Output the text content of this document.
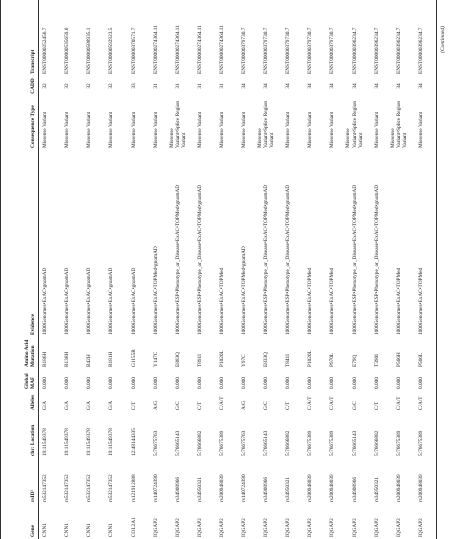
Gene
rsID¹
chr: Location
Alleles
Global MAF
Amino Acid Mutation
Evidence
Consequence Type
CADD
Transcript
CNN1
rs532147352
19:11549378
G/A
0.000
R186H
1000Genomes•ExAC•gnomAD
Missense Variant
32
ENST00000252456.7
CNN1
rs532147352
19:11549378
G/A
0.000
R138H
1000Genomes•ExAC•gnomAD
Missense Variant
32
ENST00000535659.6
CNN1
rs532147352
19:11549378
G/A
0.000
R42H
1000Genomes•ExAC•gnomAD
Missense Variant
32
ENST00000588935.1
CNN1
rs532147352
19:11549378
G/A
0.000
R181H
1000Genomes•ExAC•gnomAD
Missense Variant
32
ENST00000592923.5
COL2A1
rs121912888
12:48144335
C/T
0.000
G1155R
1000Genomes•ExAC•gnomAD
Missense Variant
33
ENST00000370571.7
IQGAP2
rs140724390
5:76675763
A/G
0.000
Y147C
1000Genomes•ExAC•TOPMed•gnomAD
Missense Variant
31
ENST00000274364.11
IQGAP2
rs34908966
5:76665143
G/C
0.000
E883Q
1000Genomes•ESP•Phenotype_or_Disease•ExAC•TOPMed•gnomAD
Missense Variant•Splice Region Variant
31
ENST00000274364.11
IQGAP2
rs34950321
5:76666882
C/T
0.000
T891I
1000Genomes•ESP•Phenotype_or_Disease•ExAC•TOPMed•gnomAD
Missense Variant
31
ENST00000274364.11
IQGAP2
rs200948039
5:76675389
C/A/T
0.000
P1020L
1000Genomes•ExAC•TOPMed
Missense Variant
31
ENST00000274364.11
IQGAP2
rs140724390
5:76675763
A/G
0.000
Y97C
1000Genomes•ExAC•TOPMed•gnomAD
Missense Variant
34
ENST00000379730.7
IQGAP2
rs34908966
5:76665143
G/C
0.000
E833Q
1000Genomes•ESP•Phenotype_or_Disease•ExAC•TOPMed•gnomAD
Missense Variant•Splice Region Variant
34
ENST00000379730.7
IQGAP2
rs34950321
5:76666882
C/T
0.000
T841I
1000Genomes•ESP•Phenotype_or_Disease•ExAC•TOPMed•gnomAD
Missense Variant
34
ENST00000379730.7
IQGAP2
rs200948039
5:76675389
C/A/T
0.000
P1020L
1000Genomes•ExAC•TOPMed
Missense Variant
34
ENST00000379730.7
IQGAP2
rs200948039
5:76675389
C/A/T
0.000
P970L
1000Genomes•ExAC•TOPMed
Missense Variant
34
ENST00000379730.7
IQGAP2
rs34908966
5:76665143
G/C
0.000
E79Q
1000Genomes•ESP•Phenotype_or_Disease•ExAC•TOPMed•gnomAD
Missense Variant•Splice Region Variant
34
ENST00000396234.7
IQGAP2
rs34950321
5:76666882
C/T
0.000
T390I
1000Genomes•ESP•Phenotype_or_Disease•ExAC•TOPMed•gnomAD
Missense Variant
34
ENST00000396234.7
IQGAP2
rs200948039
5:76675389
C/A/T
0.000
P566H
1000Genomes•ExAC•TOPMed
Missense Variant•Splice Region Variant
34
ENST00000396234.7
IQGAP2
rs200948039
5:76675389
C/A/T
0.000
P566L
1000Genomes•ExAC•TOPMed
Missense Variant
34
ENST00000396234.7	(Continued)
